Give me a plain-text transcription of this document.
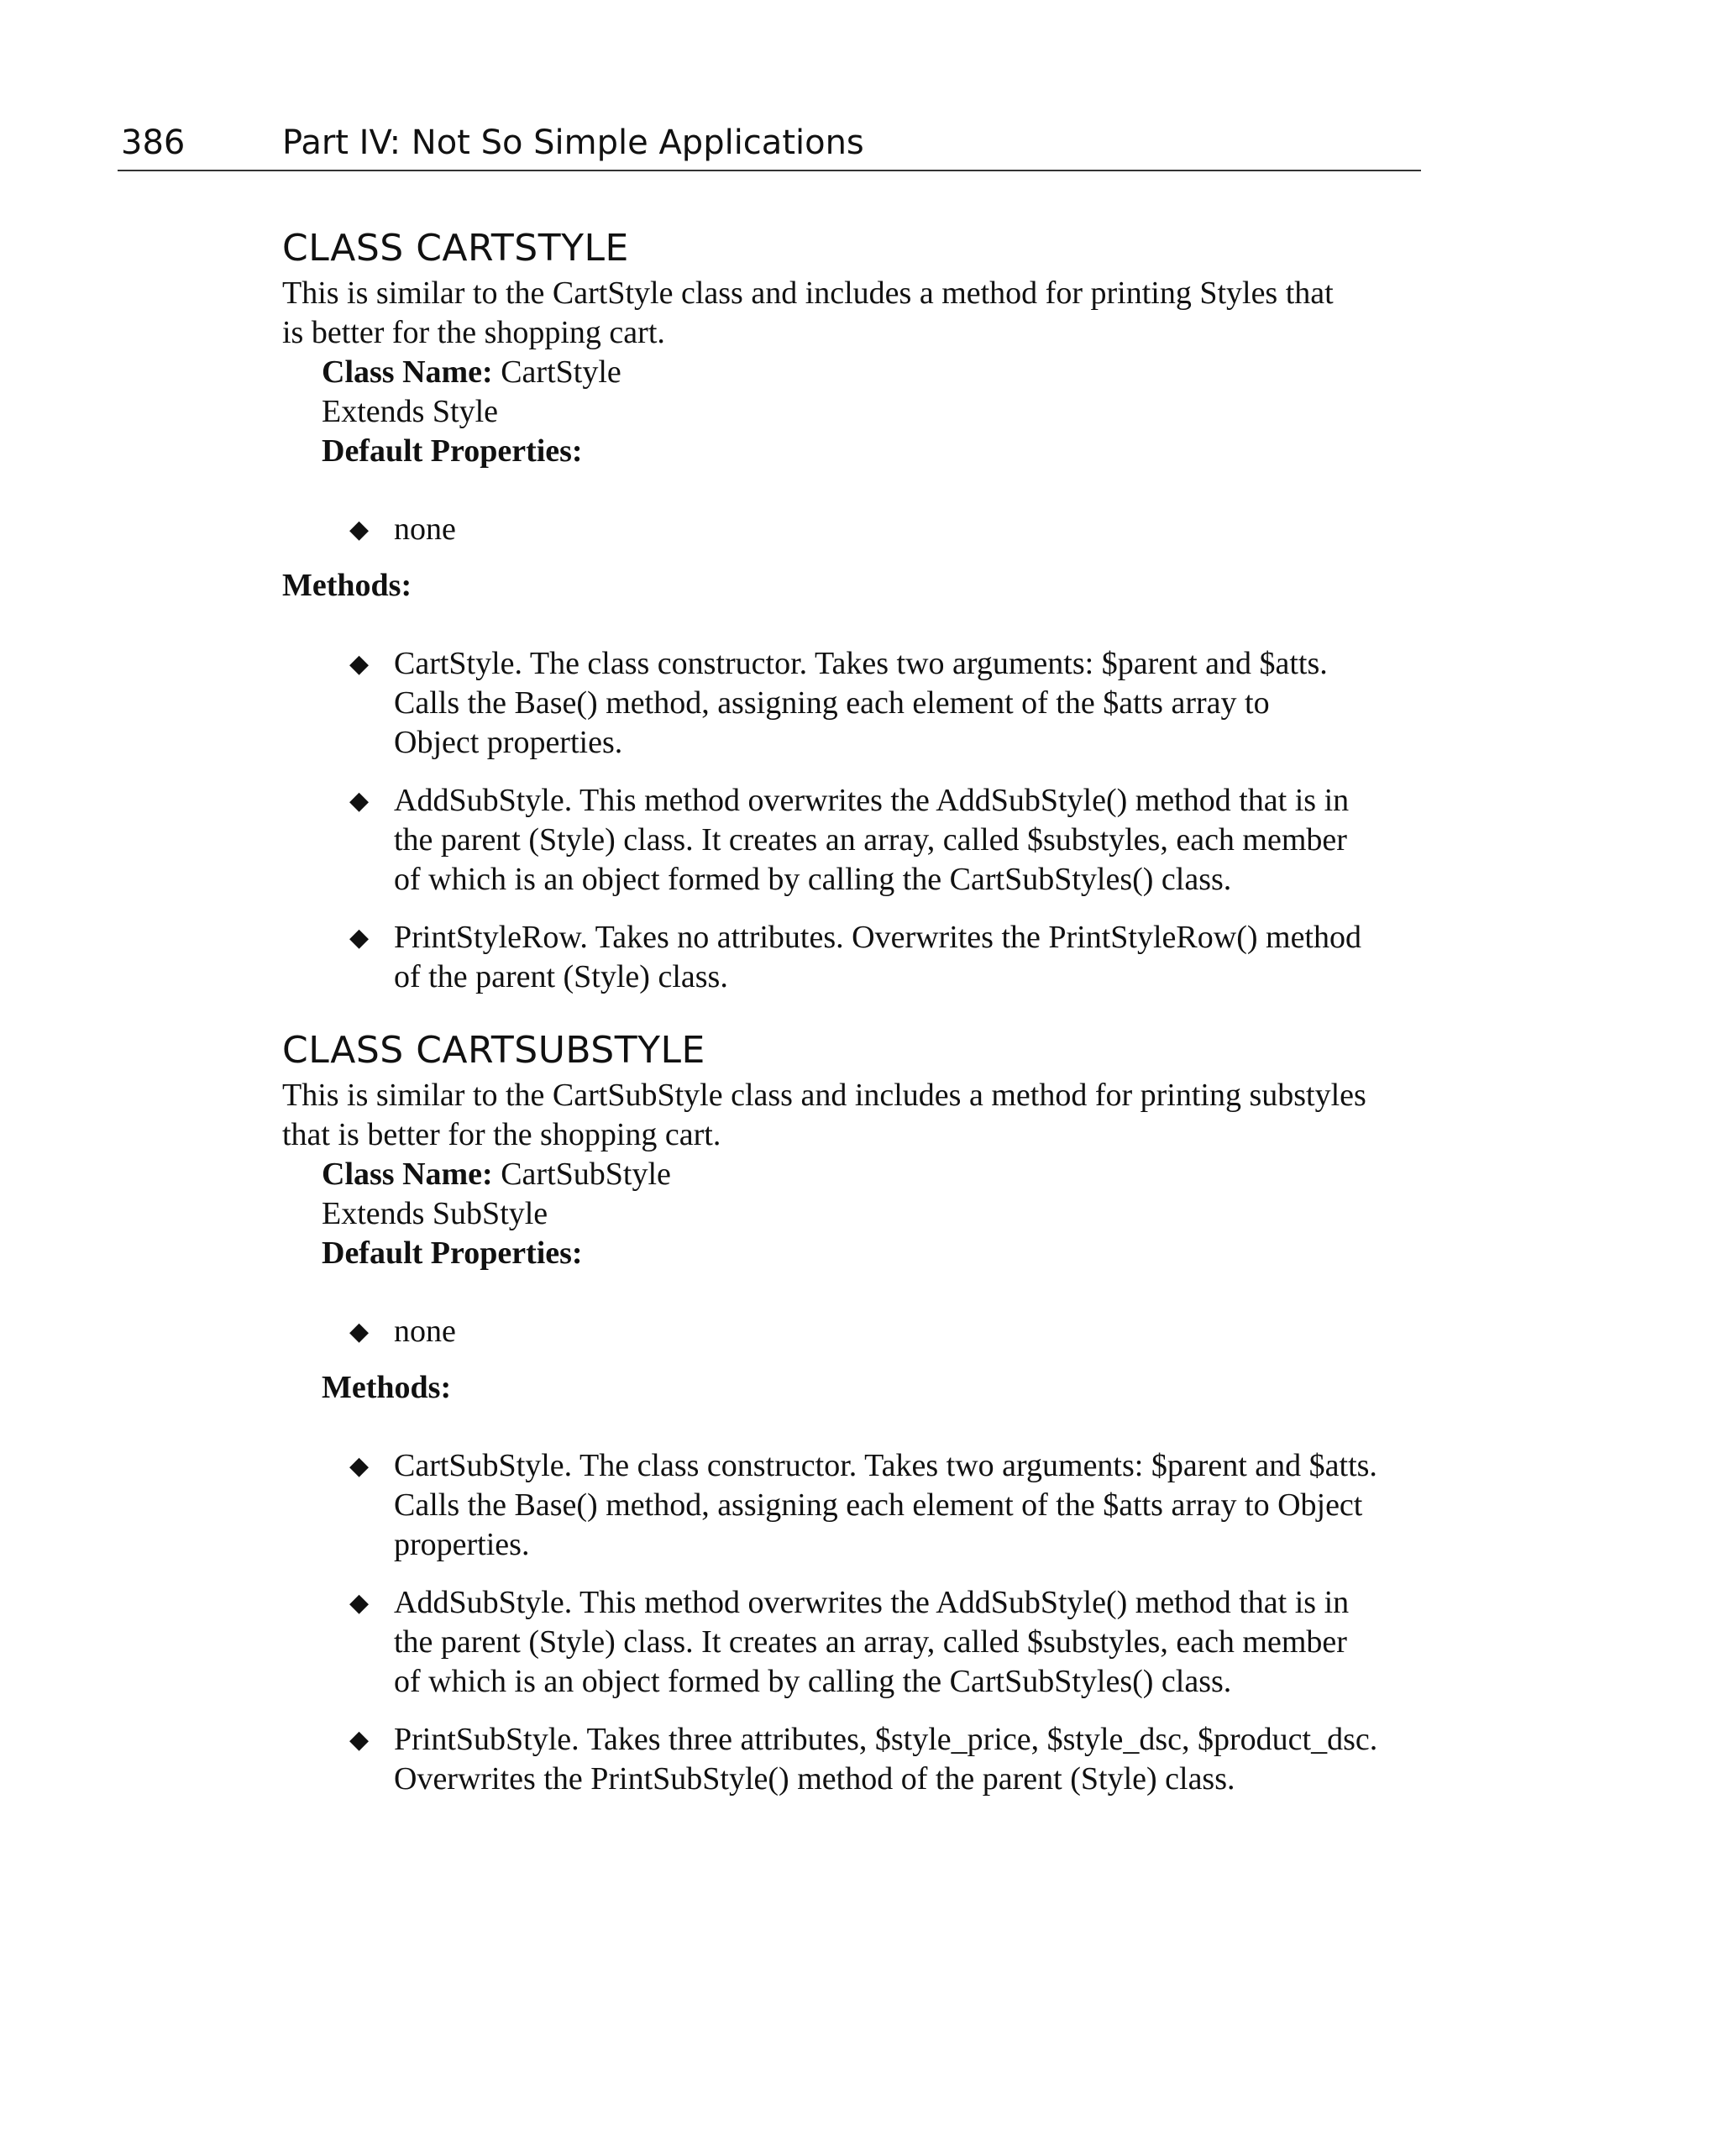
386	Part IV: Not So Simple Applications
CLASS CARTSTYLE

This is similar to the CartStyle class and includes a method for printing Styles that
is better for the shopping cart.

Class Name: CartStyle

Extends Style

Default Properties:

◆ none

Methods:

◆ CartStyle. The class constructor. Takes two arguments: $parent and $atts.
Calls the Base() method, assigning each element of the $atts array to
Object properties.
◆ AddSubStyle. This method overwrites the AddSubStyle() method that is in
the parent (Style) class. It creates an array, called $substyles, each member
of which is an object formed by calling the CartSubStyles() class.
◆ PrintStyleRow. Takes no attributes. Overwrites the PrintStyleRow() method
of the parent (Style) class.
CLASS CARTSUBSTYLE

This is similar to the CartSubStyle class and includes a method for printing substyles
that is better for the shopping cart.

Class Name: CartSubStyle

Extends SubStyle

Default Properties:

◆ none

Methods:

◆ CartSubStyle. The class constructor. Takes two arguments: $parent and $atts.
Calls the Base() method, assigning each element of the $atts array to Object
properties.
◆ AddSubStyle. This method overwrites the AddSubStyle() method that is in
the parent (Style) class. It creates an array, called $substyles, each member
of which is an object formed by calling the CartSubStyles() class.
◆ PrintSubStyle. Takes three attributes, $style_price, $style_dsc, $product_dsc.
Overwrites the PrintSubStyle() method of the parent (Style) class.
